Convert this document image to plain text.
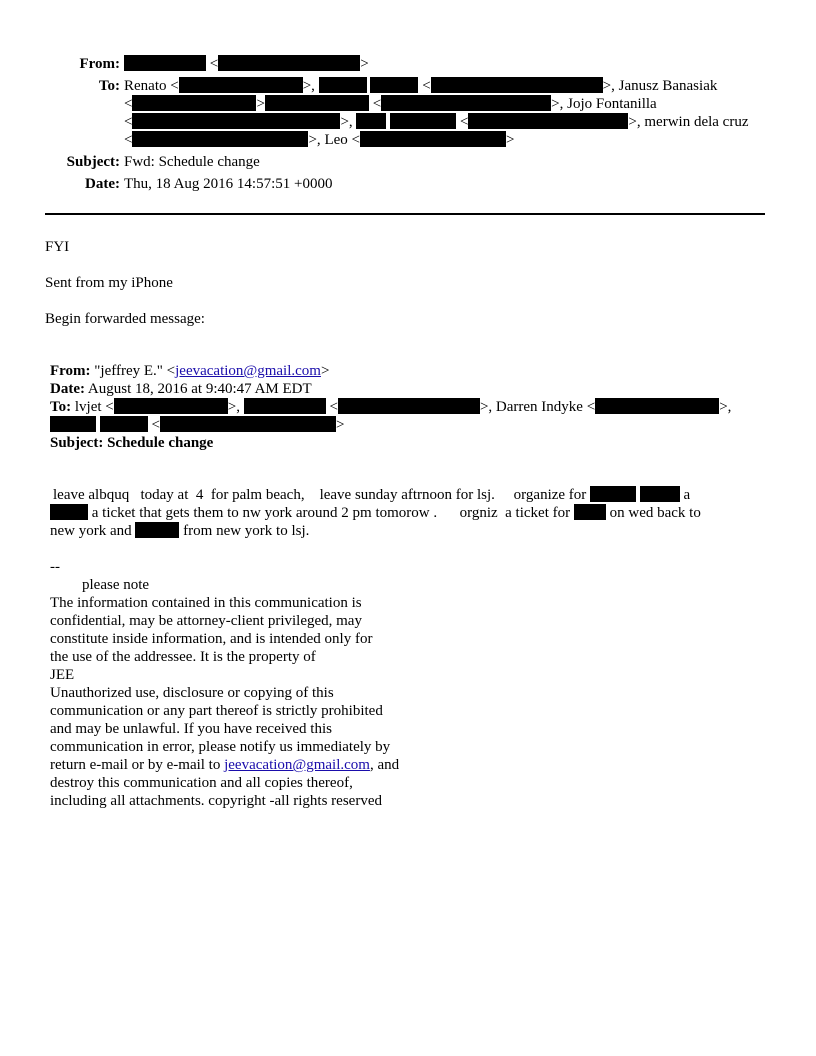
From:	<	>
To: Renato <	>,	<	>, Janusz Banasiak
<	>	<	>, Jojo Fontanilla
<	>,	<	>, merwin dela cruz
<	>, Leo <	>
Subject: Fwd: Schedule change
Date: Thu, 18 Aug 2016 14:57:51 +0000
FYI
Sent from my iPhone
Begin forwarded message:
From: "jeffrey E." <jeevacation@gmail.com>
Date: August 18, 2016 at 9:40:47 AM EDT
To: lvjet <	>,	<	>, Darren Indyke <	>,
<	>
Subject: Schedule change
leave albquq   today at  4  for palm beach,    leave sunday aftrnoon for lsj.     organize for	a
a ticket that gets them to nw york around 2 pm tomorow .      orgniz  a ticket for	on wed back to
new york and	from new york to lsj.
--
please note
The information contained in this communication is
confidential, may be attorney-client privileged, may
constitute inside information, and is intended only for
the use of the addressee. It is the property of
JEE
Unauthorized use, disclosure or copying of this
communication or any part thereof is strictly prohibited
and may be unlawful. If you have received this
communication in error, please notify us immediately by
return e-mail or by e-mail to jeevacation@gmail.com, and
destroy this communication and all copies thereof,
including all attachments. copyright -all rights reserved
